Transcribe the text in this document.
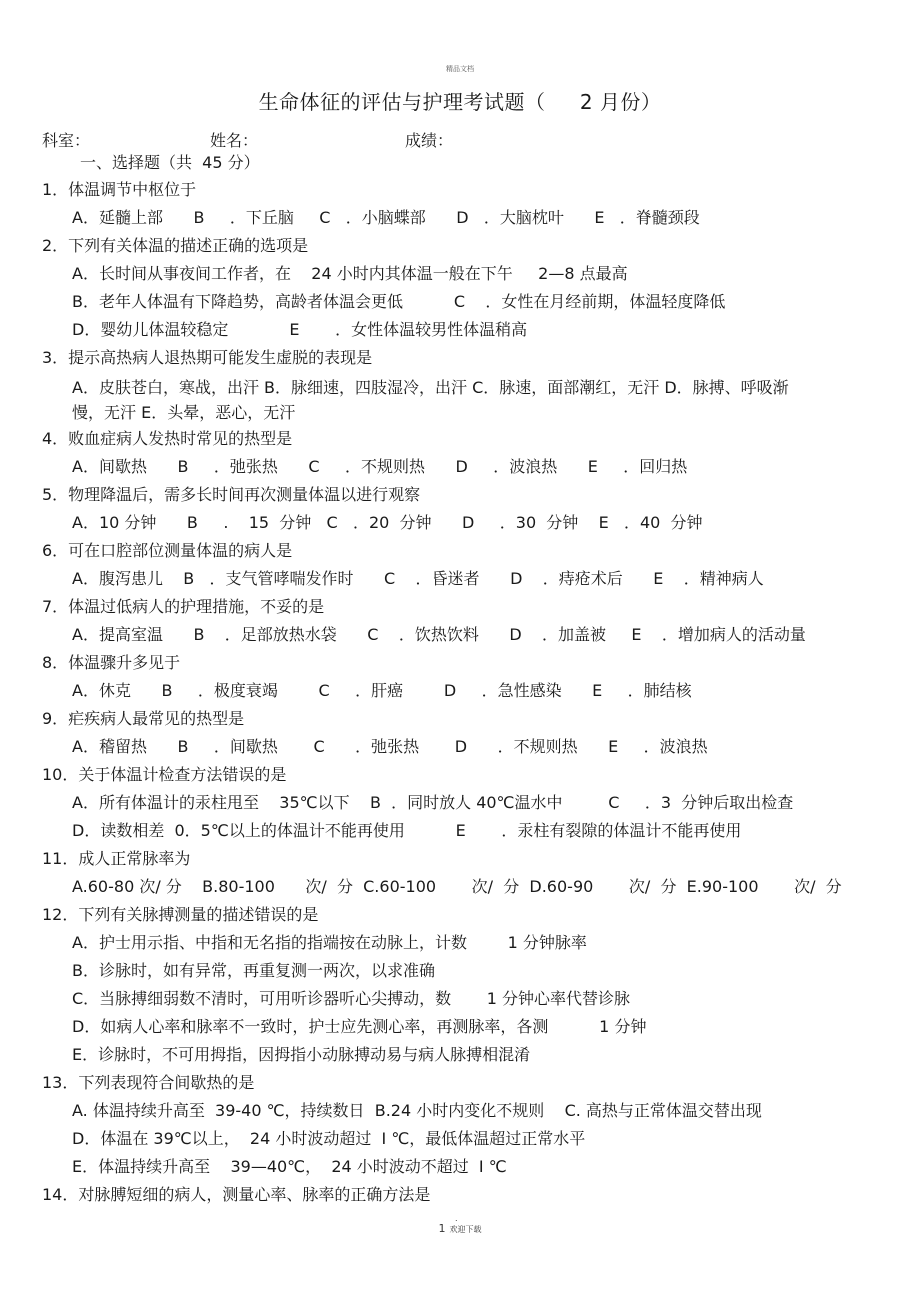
精品文档
生命体征的评估与护理考试题（     2 月份）
科室：	姓名：	成绩：
一、选择题（共  45 分）
1．体温调节中枢位于
A．延髓上部      B     ．下丘脑     C   ．小脑蝶部      D   ．大脑枕叶      E   ．脊髓颈段
2．下列有关体温的描述正确的选项是
A．长时间从事夜间工作者，在    24 小时内其体温一般在下午     2—8 点最高
B．老年人体温有下降趋势，高龄者体温会更低          C    ．女性在月经前期，体温轻度降低
D．婴幼儿体温较稳定            E       ．女性体温较男性体温稍高
3．提示高热病人退热期可能发生虚脱的表现是
A．皮肤苍白，寒战，出汗 B．脉细速，四肢湿冷，出汗 C．脉速，面部潮红，无汗 D．脉搏、呼吸渐慢，无汗 E．头晕，恶心，无汗
4．败血症病人发热时常见的热型是
A．间歇热      B     ．弛张热      C     ．不规则热      D     ．波浪热      E     ．回归热
5．物理降温后，需多长时间再次测量体温以进行观察
A．10 分钟      B     .    15  分钟   C   ．20  分钟      D     ．30  分钟    E   ．40  分钟
6．可在口腔部位测量体温的病人是
A．腹泻患儿    B   ．支气管哮喘发作时      C    ．昏迷者      D    ．痔疮术后      E    ．精神病人
7．体温过低病人的护理措施，不妥的是
A．提高室温      B    ．足部放热水袋      C    ．饮热饮料      D    ．加盖被     E    ．增加病人的活动量
8．体温骤升多见于
A．休克      B     ．极度衰竭        C     ．肝癌        D     ．急性感染      E     ．肺结核
9．疟疾病人最常见的热型是
A．稽留热      B     ．间歇热       C      ．弛张热       D      ．不规则热      E     ．波浪热
10．关于体温计检查方法错误的是
A．所有体温计的汞柱甩至    35℃以下    B  ．同时放人 40℃温水中         C     ．3  分钟后取出检查
D．读数相差  0．5℃以上的体温计不能再使用          E       ．汞柱有裂隙的体温计不能再使用
11．成人正常脉率为
A.60-80 次/ 分    B.80-100      次/  分  C.60-100       次/  分  D.60-90       次/  分  E.90-100       次/  分
12．下列有关脉搏测量的描述错误的是
A．护士用示指、中指和无名指的指端按在动脉上，计数        1 分钟脉率
B．诊脉时，如有异常，再重复测一两次，以求准确
C．当脉搏细弱数不清时，可用听诊器听心尖搏动，数       1 分钟心率代替诊脉
D．如病人心率和脉率不一致时，护士应先测心率，再测脉率，各测          1 分钟
E．诊脉时，不可用拇指，因拇指小动脉搏动易与病人脉搏相混淆
13．下列表现符合间歇热的是
A. 体温持续升高至  39-40 ℃，持续数日  B.24 小时内变化不规则    C. 高热与正常体温交替出现
D．体温在 39℃以上，  24 小时波动超过  I ℃，最低体温超过正常水平
E．体温持续升高至    39—40℃，  24 小时波动不超过  I ℃
14．对脉膊短细的病人，测量心率、脉率的正确方法是
.
1 欢迎下载
